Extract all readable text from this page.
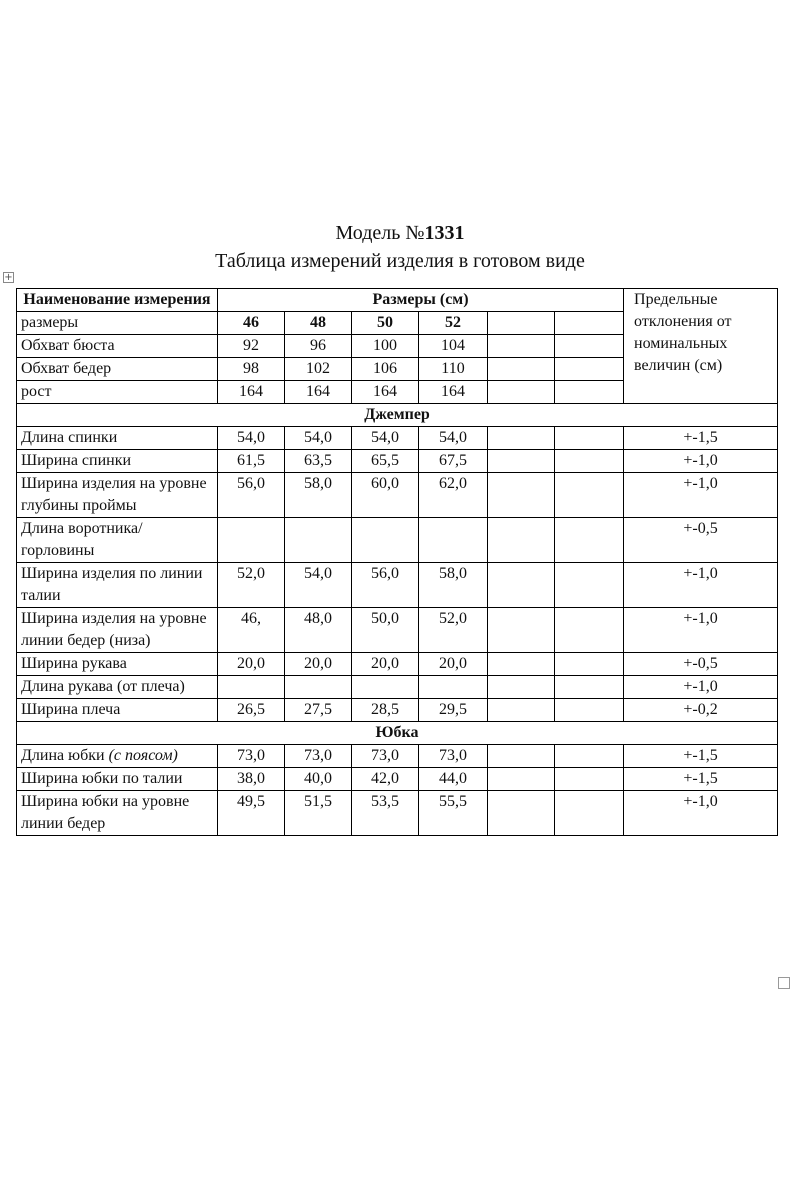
Модель №1331
Таблица измерений изделия в готовом виде
+
Наименование измерения	Размеры (см)						Предельные отклонения от номинальных величин (см)
размеры	46	48	50	52			
Обхват бюста	92	96	100	104			
Обхват бедер	98	102	106	110			
рост	164	164	164	164			
Джемпер							
Длина спинки	54,0	54,0	54,0	54,0			+-1,5
Ширина спинки	61,5	63,5	65,5	67,5			+-1,0
Ширина изделия на уровне глубины проймы	56,0	58,0	60,0	62,0			+-1,0
Длина воротника/горловины							+-0,5
Ширина изделия по линии талии	52,0	54,0	56,0	58,0			+-1,0
Ширина изделия на уровне линии бедер (низа)	46,	48,0	50,0	52,0			+-1,0
Ширина рукава	20,0	20,0	20,0	20,0			+-0,5
Длина рукава (от плеча)							+-1,0
Ширина плеча	26,5	27,5	28,5	29,5			+-0,2
Юбка							
Длина юбки (с поясом)	73,0	73,0	73,0	73,0			+-1,5
Ширина юбки по талии	38,0	40,0	42,0	44,0			+-1,5
Ширина юбки на уровне линии бедер	49,5	51,5	53,5	55,5			+-1,0
